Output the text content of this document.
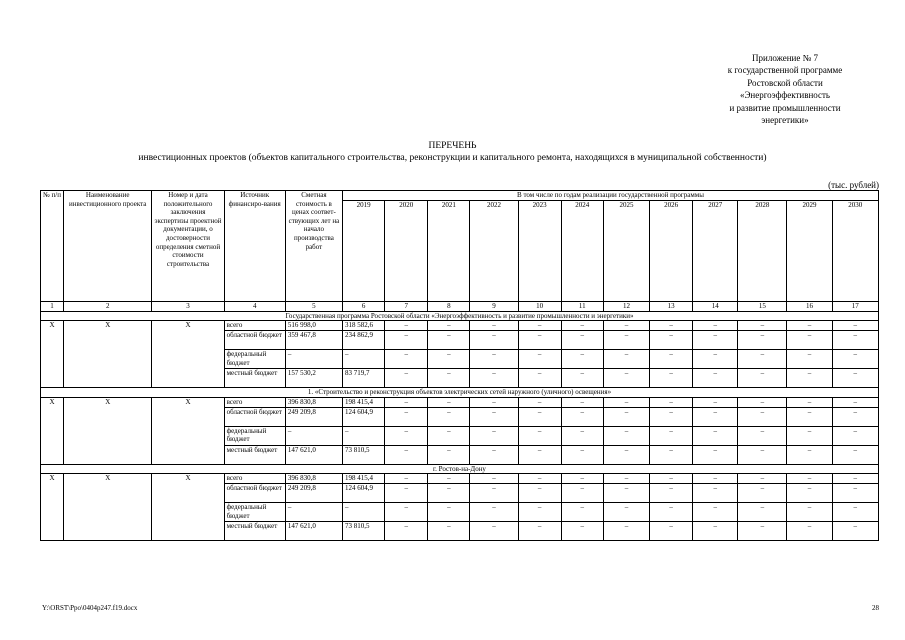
Приложение № 7
к государственной программе
Ростовской области
«Энергоэффективность
и развитие промышленности
энергетики»
ПЕРЕЧЕНЬ
инвестиционных проектов (объектов капитального строительства, реконструкции и капитального ремонта, находящихся в муниципальной собственности)
(тыс. рублей)
№ п/п	Наименование инвестиционного проекта	Номер и дата положительного заключения экспертизы проектной документации, о достоверности определения сметной стоимости строительства	Источник финансиро-вания	Сметная стоимость в ценах соответ-ствующих лет на начало производства работ	В том числе по годам реализации государственной программы											
					2019	2020	2021	2022	2023	2024	2025	2026	2027	2028	2029	2030
1	2	3	4	5	6	7	8	9	10	11	12	13	14	15	16	17
Государственная программа Ростовской области «Энергоэффективность и развитие промышленности и энергетики»																
X	X	X	всего	516 998,0	318 582,6	–	–	–	–	–	–	–	–	–	–	–
			областной бюджет	359 467,8	234 862,9	–	–	–	–	–	–	–	–	–	–	–
			федеральный бюджет	–	–	–	–	–	–	–	–	–	–	–	–	–
			местный бюджет	157 530,2	83 719,7	–	–	–	–	–	–	–	–	–	–	–
1. «Строительство и реконструкция объектов электрических сетей наружного (уличного) освещения»																
X	X	X	всего	396 830,8	198 415,4	–	–	–	–	–	–	–	–	–	–	–
			областной бюджет	249 209,8	124 604,9	–	–	–	–	–	–	–	–	–	–	–
			федеральный бюджет	–	–	–	–	–	–	–	–	–	–	–	–	–
			местный бюджет	147 621,0	73 810,5	–	–	–	–	–	–	–	–	–	–	–
г. Ростов-на-Дону																
X	X	X	всего	396 830,8	198 415,4	–	–	–	–	–	–	–	–	–	–	–
			областной бюджет	249 209,8	124 604,9	–	–	–	–	–	–	–	–	–	–	–
			федеральный бюджет	–	–	–	–	–	–	–	–	–	–	–	–	–
			местный бюджет	147 621,0	73 810,5	–	–	–	–	–	–	–	–	–	–	–
Y:\ORST\Ppo\0404p247.f19.docx	28
